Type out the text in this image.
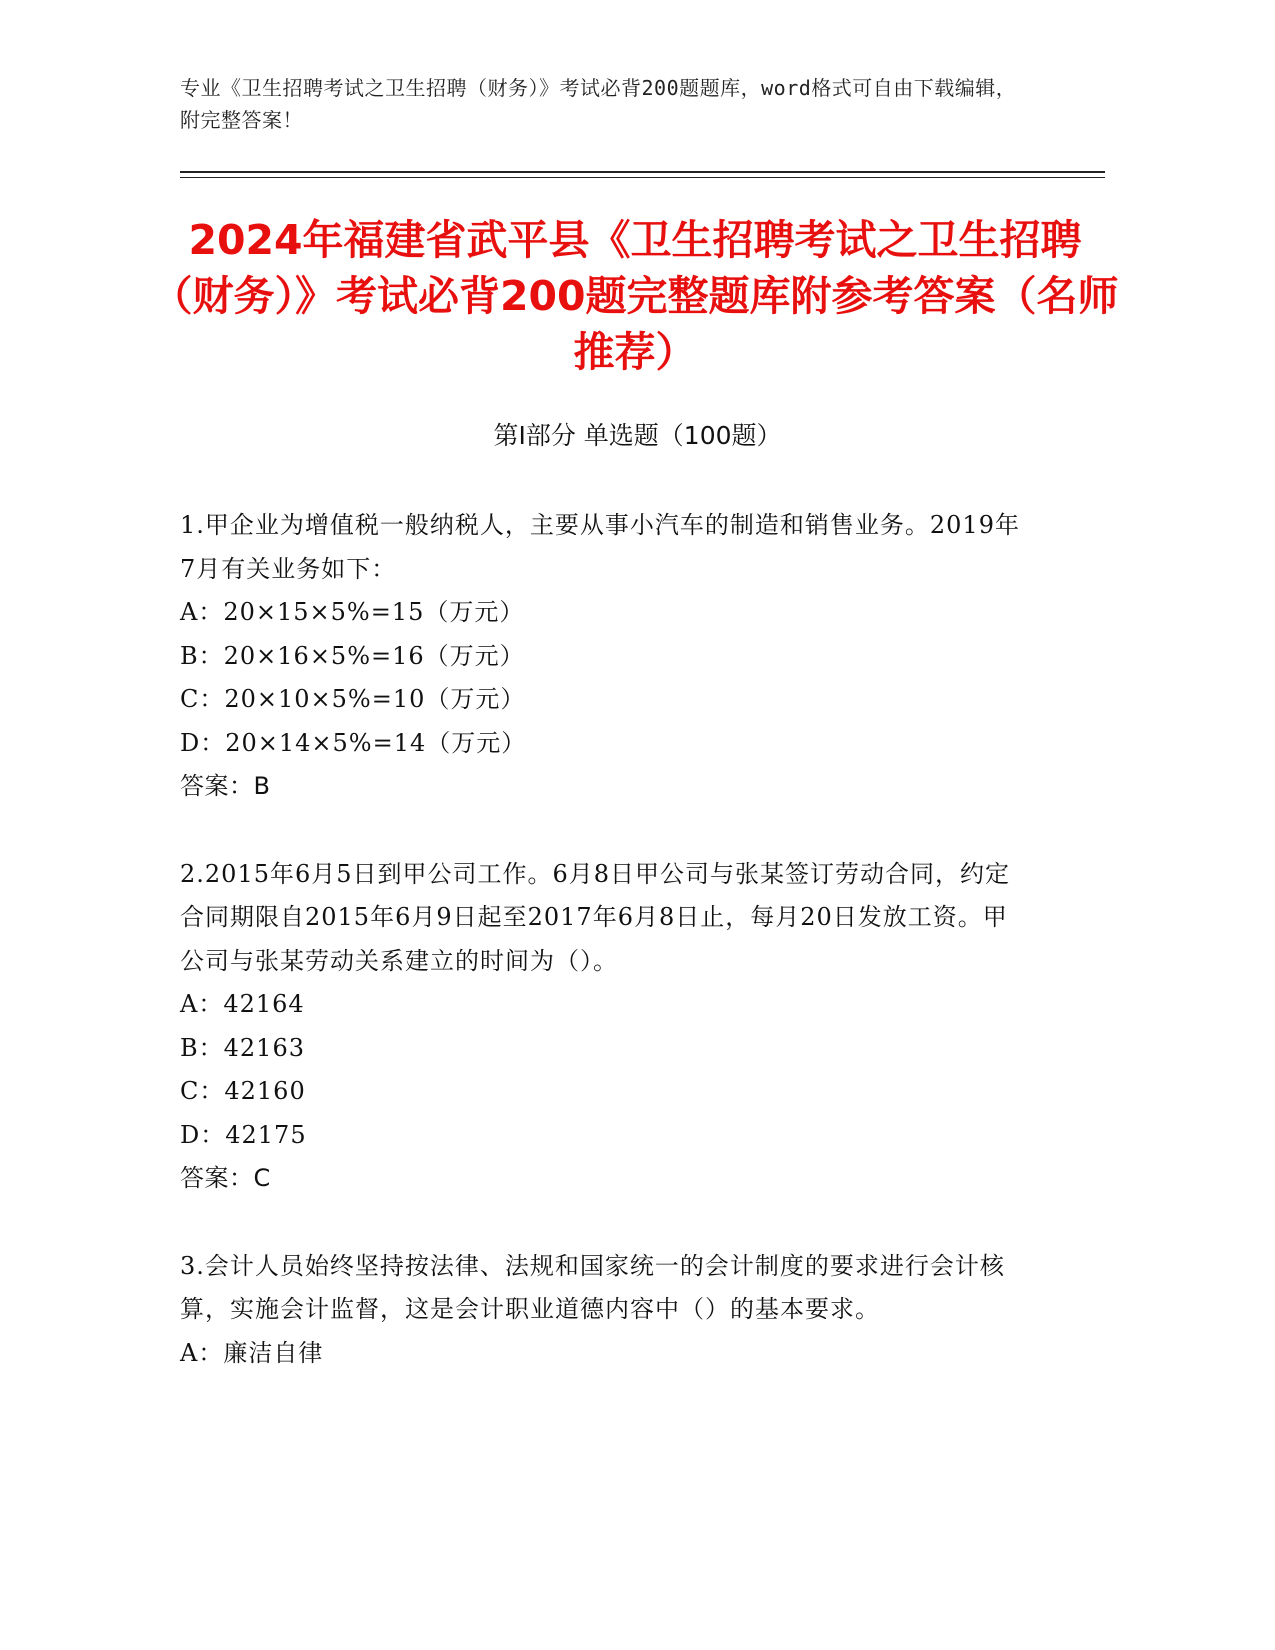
专业《卫生招聘考试之卫生招聘（财务）》考试必背200题题库，word格式可自由下载编辑，附完整答案！
2024年福建省武平县《卫生招聘考试之卫生招聘（财务）》考试必背200题完整题库附参考答案（名师推荐）
第Ⅰ部分 单选题（100题）
1.甲企业为增值税一般纳税人，主要从事小汽车的制造和销售业务。2019年7月有关业务如下：
A：20×15×5%=15（万元）
B：20×16×5%=16（万元）
C：20×10×5%=10（万元）
D：20×14×5%=14（万元）
答案：B
2.2015年6月5日到甲公司工作。6月8日甲公司与张某签订劳动合同，约定合同期限自2015年6月9日起至2017年6月8日止，每月20日发放工资。甲公司与张某劳动关系建立的时间为（）。
A：42164
B：42163
C：42160
D：42175
答案：C
3.会计人员始终坚持按法律、法规和国家统一的会计制度的要求进行会计核算，实施会计监督，这是会计职业道德内容中（）的基本要求。
A：廉洁自律
